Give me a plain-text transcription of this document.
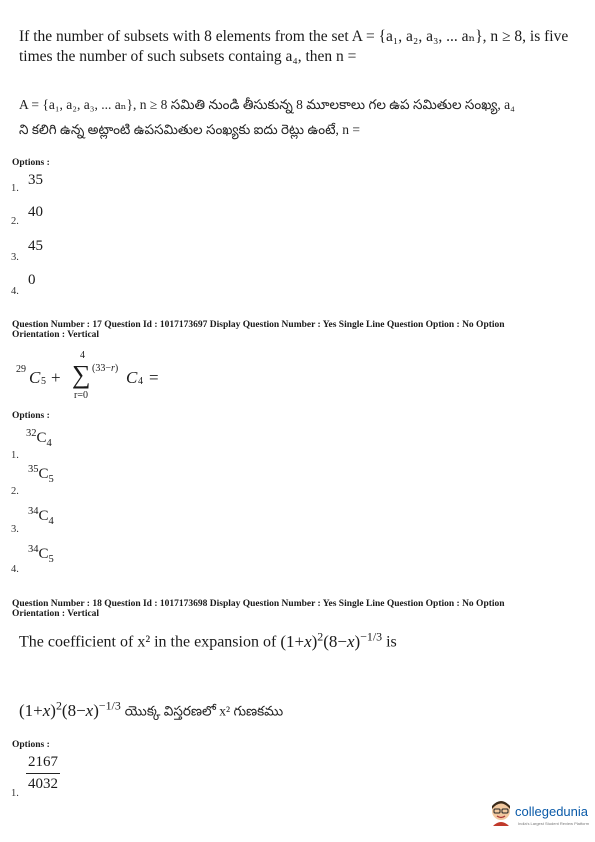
If the number of subsets with 8 elements from the set A = {a₁, a₂, a₃, ... aₙ}, n ≥ 8, is five
times the number of such subsets containg a₄, then n =
A = {a₁, a₂, a₃, ... aₙ}, n ≥ 8 సమితి నుండి తీసుకున్న 8 మూలకాలు గల ఉప సమితుల సంఖ్య, a₄
ని కలిగి ఉన్న అట్లాంటి ఉపసమితుల సంఖ్యకు ఐదు రెట్లు ఉంటే, n =
Options :
1.
35
2.
40
3.
45
4.
0
Question Number : 17 Question Id : 1017173697 Display Question Number : Yes Single Line Question Option : No Option
Orientation : Vertical
29 C 5 +
4
∑
r=0
(33−r) C 4 =
Options :
1.
$^{32}C_4$
2.
$^{35}C_5$
3.
$^{34}C_4$
4.
$^{34}C_5$
Question Number : 18 Question Id : 1017173698 Display Question Number : Yes Single Line Question Option : No Option
Orientation : Vertical
The coefficient of x² in the expansion of $(1+x)^2(8-x)^{-1/3}$ is
$(1+x)^2(8-x)^{-1/3}$ యొక్క విస్తరణలో x² గుణకము
Options :
1.
$\frac{2167}{4032}$
collegedunia
India's Largest Student Review Platform
